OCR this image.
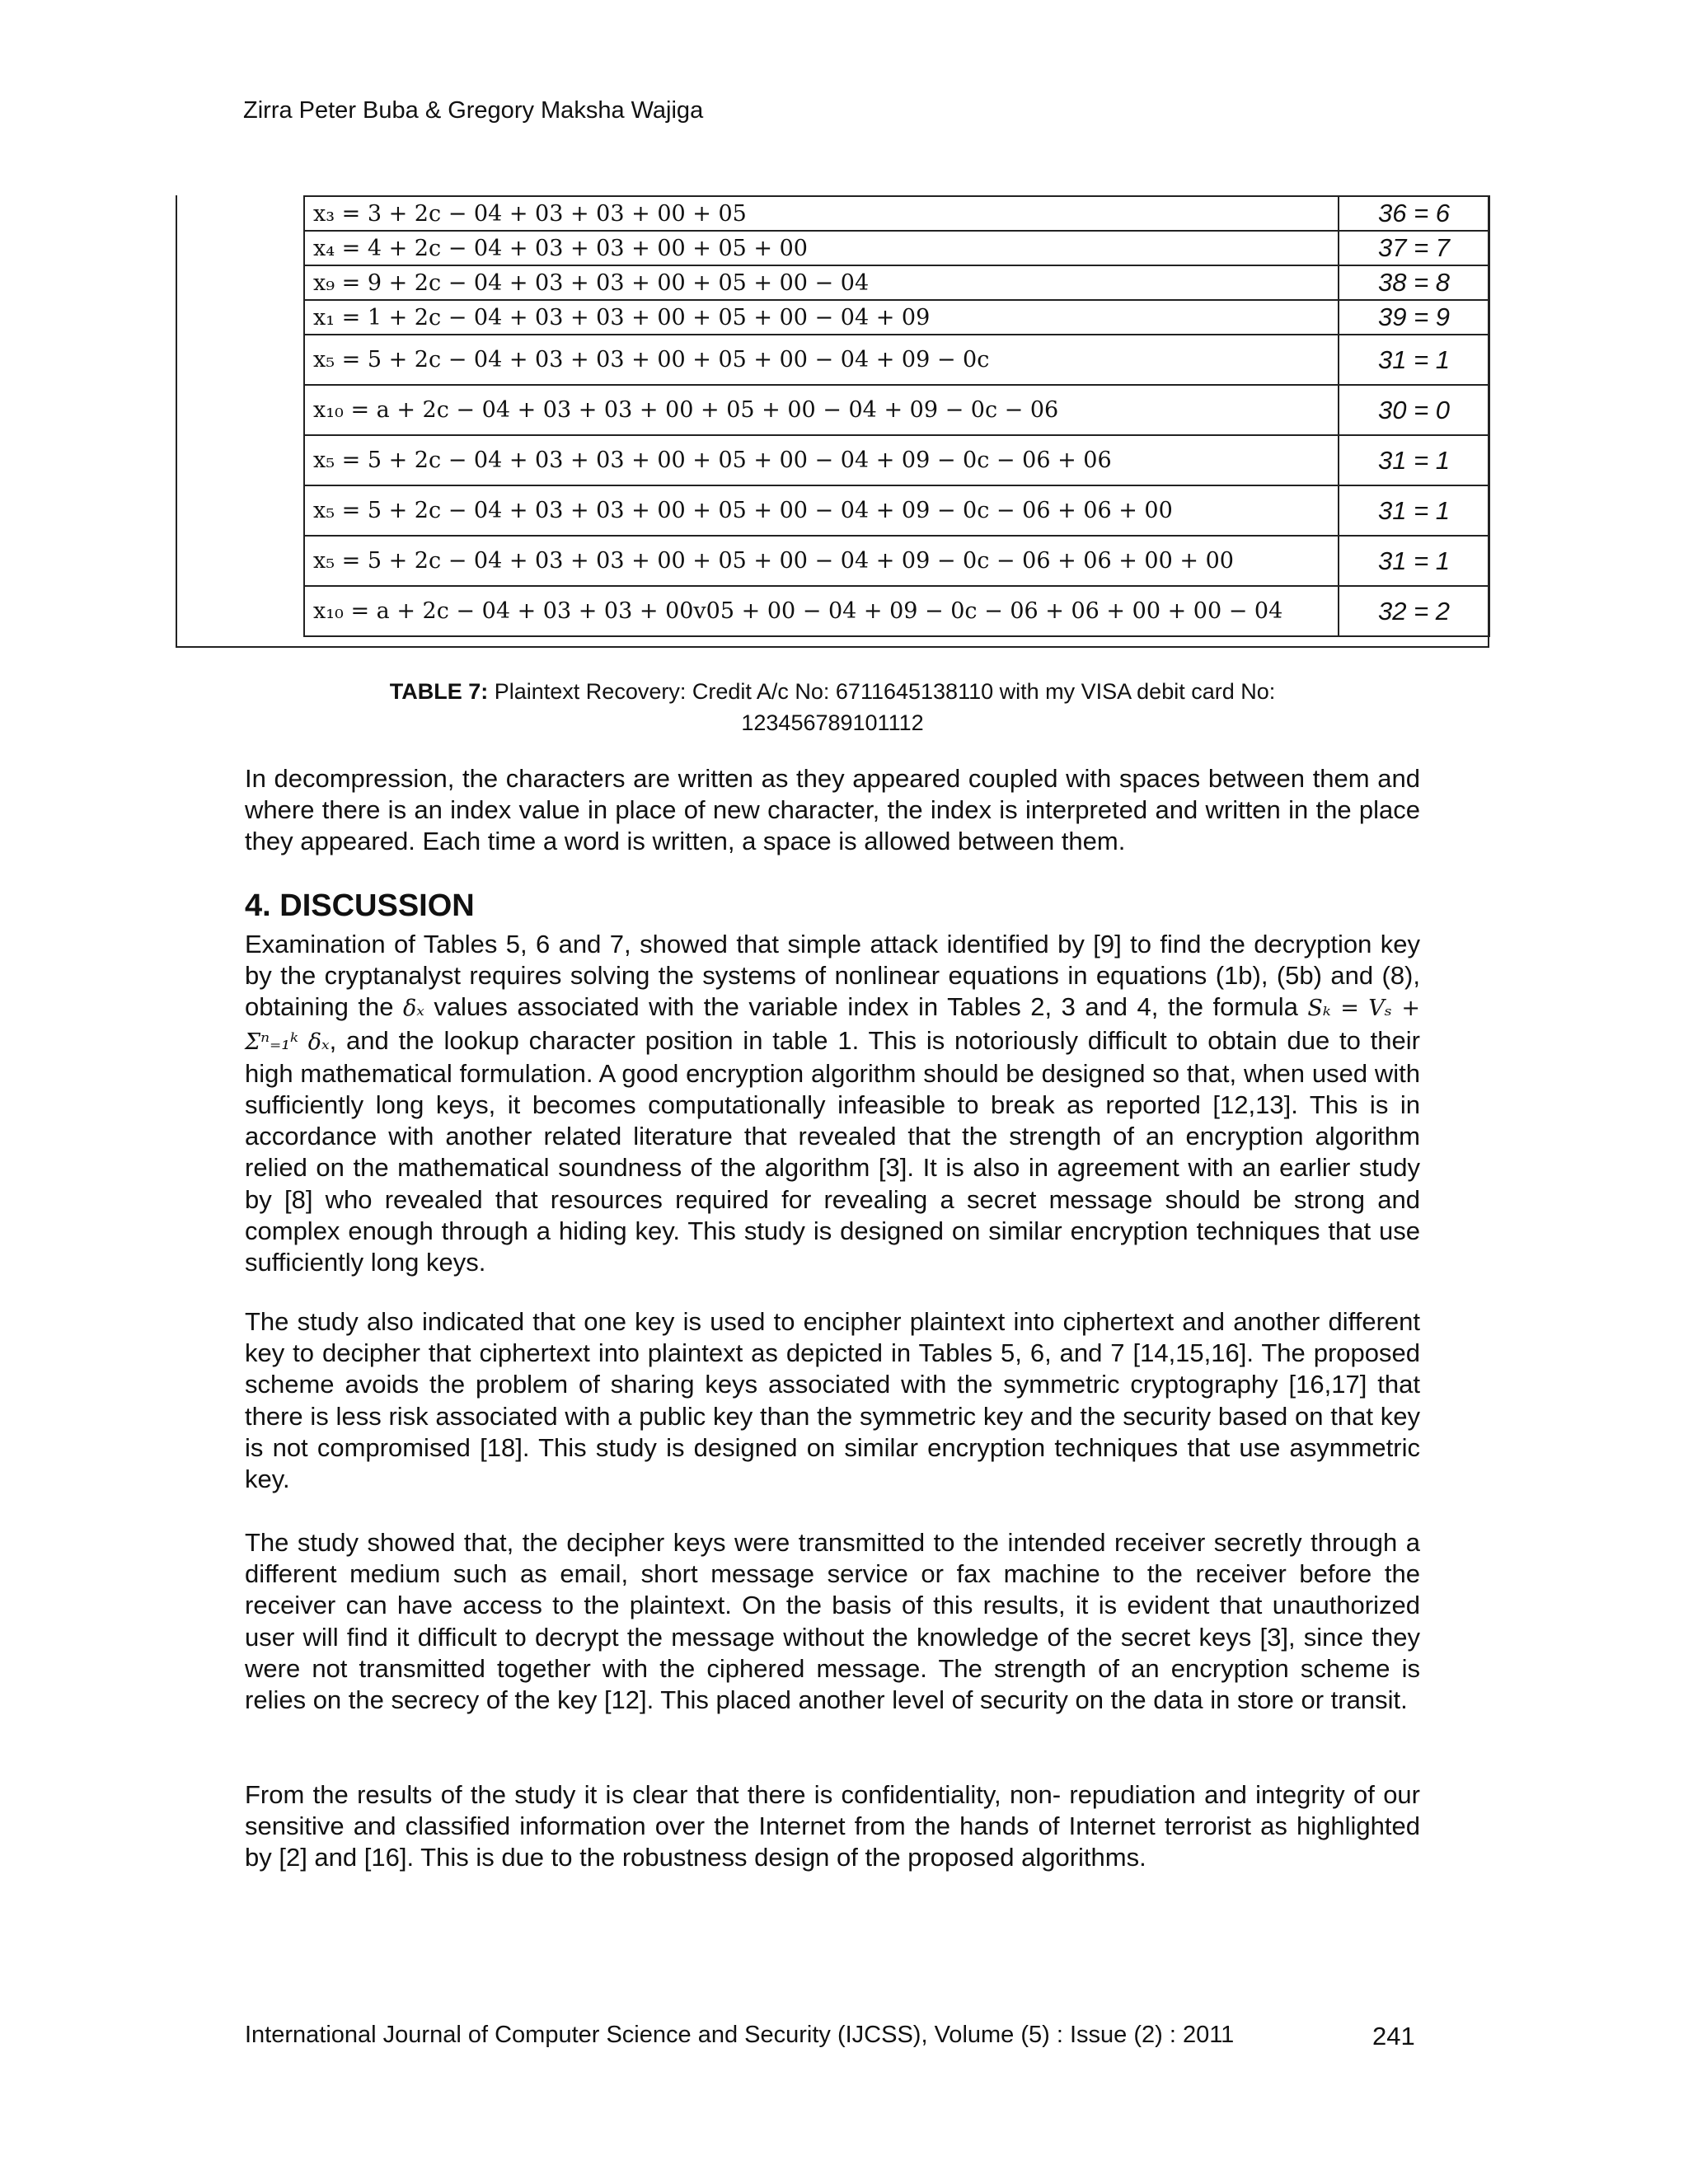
Zirra Peter Buba & Gregory Maksha Wajiga
x₃ = 3 + 2c − 04 + 03 + 03 + 00 + 05	36 = 6
x₄ = 4 + 2c − 04 + 03 + 03 + 00 + 05 + 00	37 = 7
x₉ = 9 + 2c − 04 + 03 + 03 + 00 + 05 + 00 − 04	38 = 8
x₁ = 1 + 2c − 04 + 03 + 03 + 00 + 05 + 00 − 04 + 09	39 = 9
x₅ = 5 + 2c − 04 + 03 + 03 + 00 + 05 + 00 − 04 + 09 − 0c	31 = 1
x₁₀ = a + 2c − 04 + 03 + 03 + 00 + 05 + 00 − 04 + 09 − 0c − 06	30 = 0
x₅ = 5 + 2c − 04 + 03 + 03 + 00 + 05 + 00 − 04 + 09 − 0c − 06 + 06	31 = 1
x₅ = 5 + 2c − 04 + 03 + 03 + 00 + 05 + 00 − 04 + 09 − 0c − 06 + 06 + 00	31 = 1
x₅ = 5 + 2c − 04 + 03 + 03 + 00 + 05 + 00 − 04 + 09 − 0c − 06 + 06 + 00 + 00	31 = 1
x₁₀ = a + 2c − 04 + 03 + 03 + 00v05 + 00 − 04 + 09 − 0c − 06 + 06 + 00 + 00 − 04	32 = 2
TABLE 7: Plaintext Recovery: Credit A/c No: 6711645138110 with my VISA debit card No:
123456789101112

In decompression, the characters are written as they appeared coupled with spaces between them and where there is an index value in place of new character, the index is interpreted and written in the place they appeared. Each time a word is written, a space is allowed between them.

4. DISCUSSION

Examination of Tables 5, 6 and 7, showed that simple attack identified by [9] to find the decryption key by the cryptanalyst requires solving the systems of nonlinear equations in equations (1b), (5b) and (8), obtaining the δₓ values associated with the variable index in Tables 2, 3 and 4, the formula Sₖ = Vₛ + Σⁿ₌₁ᵏ δₓ, and the lookup character position in table 1. This is notoriously difficult to obtain due to their high mathematical formulation. A good encryption algorithm should be designed so that, when used with sufficiently long keys, it becomes computationally infeasible to break as reported [12,13]. This is in accordance with another related literature that revealed that the strength of an encryption algorithm relied on the mathematical soundness of the algorithm [3]. It is also in agreement with an earlier study by [8] who revealed that resources required for revealing a secret message should be strong and complex enough through a hiding key. This study is designed on similar encryption techniques that use sufficiently long keys.

The study also indicated that one key is used to encipher plaintext into ciphertext and another different key to decipher that ciphertext into plaintext as depicted in Tables 5, 6, and 7 [14,15,16]. The proposed scheme avoids the problem of sharing keys associated with the symmetric cryptography [16,17] that there is less risk associated with a public key than the symmetric key and the security based on that key is not compromised [18]. This study is designed on similar encryption techniques that use asymmetric key.

The study showed that, the decipher keys were transmitted to the intended receiver secretly through a different medium such as email, short message service or fax machine to the receiver before the receiver can have access to the plaintext. On the basis of this results, it is evident that unauthorized user will find it difficult to decrypt the message without the knowledge of the secret keys [3], since they were not transmitted together with the ciphered message. The strength of an encryption scheme is relies on the secrecy of the key [12]. This placed another level of security on the data in store or transit.

From the results of the study it is clear that there is confidentiality, non- repudiation and integrity of our sensitive and classified information over the Internet from the hands of Internet terrorist as highlighted by [2] and [16]. This is due to the robustness design of the proposed algorithms.

International Journal of Computer Science and Security (IJCSS), Volume (5) : Issue (2) : 2011	241
